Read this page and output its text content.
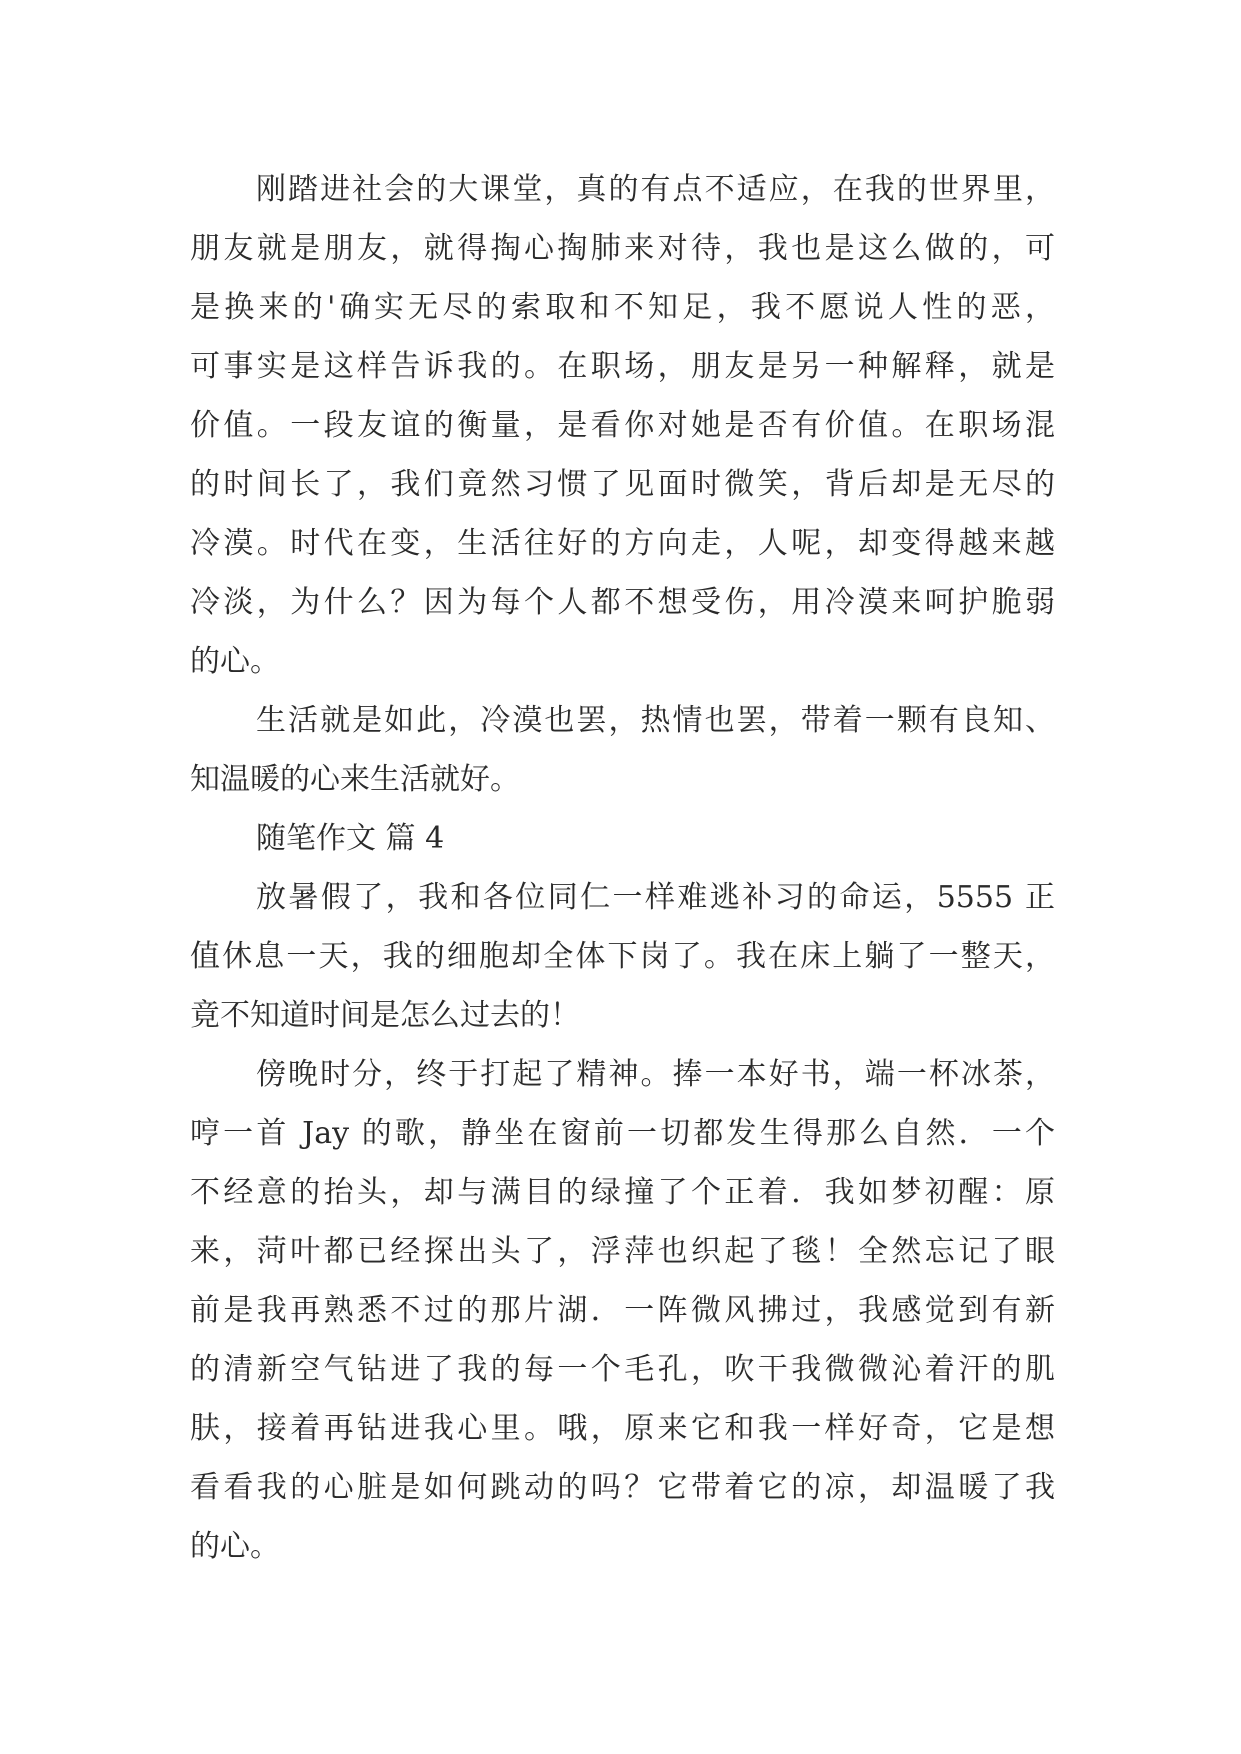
刚踏进社会的大课堂，真的有点不适应，在我的世界里，
朋友就是朋友，就得掏心掏肺来对待，我也是这么做的，可
是换来的'确实无尽的索取和不知足，我不愿说人性的恶，
可事实是这样告诉我的。在职场，朋友是另一种解释，就是
价值。一段友谊的衡量，是看你对她是否有价值。在职场混
的时间长了，我们竟然习惯了见面时微笑，背后却是无尽的
冷漠。时代在变，生活往好的方向走，人呢，却变得越来越
冷淡，为什么？因为每个人都不想受伤，用冷漠来呵护脆弱
的心。
生活就是如此，冷漠也罢，热情也罢，带着一颗有良知、
知温暖的心来生活就好。
随笔作文 篇 4
放暑假了，我和各位同仁一样难逃补习的命运，5555 正
值休息一天，我的细胞却全体下岗了。我在床上躺了一整天，
竟不知道时间是怎么过去的！
傍晚时分，终于打起了精神。捧一本好书，端一杯冰茶，
哼一首 Jay 的歌，静坐在窗前一切都发生得那么自然．一个
不经意的抬头，却与满目的绿撞了个正着．我如梦初醒：原
来，菏叶都已经探出头了，浮萍也织起了毯！全然忘记了眼
前是我再熟悉不过的那片湖．一阵微风拂过，我感觉到有新
的清新空气钻进了我的每一个毛孔，吹干我微微沁着汗的肌
肤，接着再钻进我心里。哦，原来它和我一样好奇，它是想
看看我的心脏是如何跳动的吗？它带着它的凉，却温暖了我
的心。
